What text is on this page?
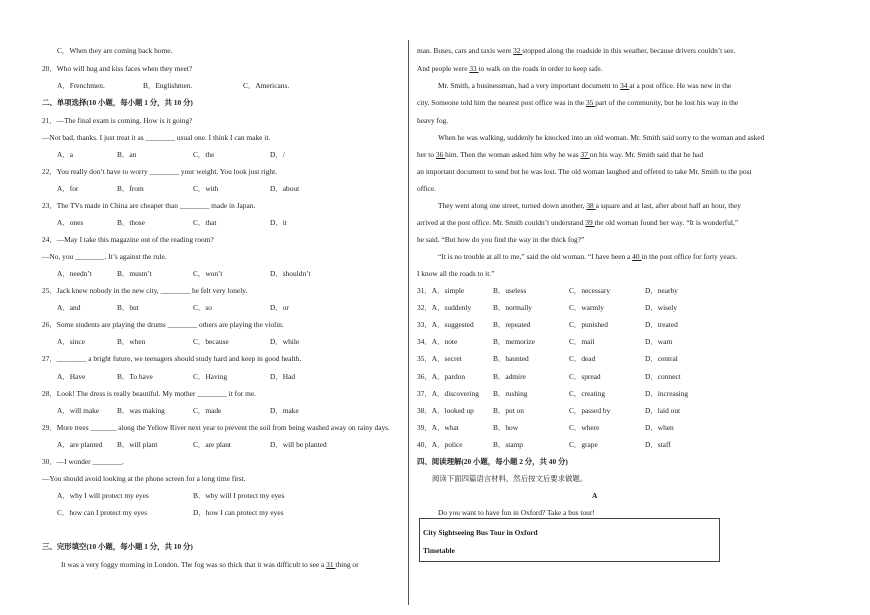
C．When they are coming back home.
20．Who will hug and kiss faces when they meet?
A．Frenchmen.	B．Englishmen.	C．Americans.
二、单项选择(10 小题，每小题 1 分，共 10 分)
21．—The final exam is coming. How is it going?
—Not bad, thanks. I just treat it as ________ usual one. I think I can make it.
A．a	B．an	C．the	D．/
22．You really don’t have to worry ________ your weight. You look just right.
A．for	B．from	C．with	D．about
23．The TVs made in China are cheaper than ________ made in Japan.
A．ones	B．those	C．that	D．it
24．—May I take this magazine out of the reading room?
—No, you ________. It’s against the rule.
A．needn’t	B．mustn’t	C．won’t	D．shouldn’t
25．Jack knew nobody in the new city, ________ he felt very lonely.
A．and	B．but	C．so	D．or
26．Some students are playing the drums ________ others are playing the violin.
A．since	B．when	C．because	D．while
27．________ a bright future, we teenagers should study hard and keep in good health.
A．Have	B．To have	C．Having	D．Had
28．Look! The dress is really beautiful. My mother ________ it for me.
A．will make B．was making	C．made	D．make
29．More trees _______ along the Yellow River next year to prevent the soil from being washed away on rainy days.
A．are planted B．will plant	C．are plant	D．will be planted
30．—I wonder ________.
—You should avoid looking at the phone screen for a long time first.
A．why I will protect my eyes	B．why will I protect my eyes
C．how can I protect my eyes	D．how I can protect my eyes
三、完形填空(10 小题，每小题 1 分，共 10 分)
It was a very foggy morning in London. The fog was so thick that it was difficult to see a 31 thing or
man. Buses, cars and taxis were 32 stopped along the roadside in this weather, because drivers couldn’t see.
And people were 33 to walk on the roads in order to keep safe.
Mr. Smith, a businessman, had a very important document to 34 at a post office. He was new in the
city. Someone told him the nearest post office was in the 35 part of the community, but he lost his way in the
heavy fog.
When he was walking, suddenly he knocked into an old woman. Mr. Smith said sorry to the woman and asked
her to 36 him. Then the woman asked him why he was 37 on his way. Mr. Smith said that he had
an important document to send but he was lost. The old woman laughed and offered to take Mr. Smith to the post
office.
They went along one street, turned down another, 38 a square and at last, after about half an hour, they
arrived at the post office. Mr. Smith couldn’t understand 39 the old woman found her way. “It is wonderful,”
he said. “But how do you find the way in the thick fog?”
“It is no trouble at all to me,” said the old woman. “I have been a 40 in the post office for forty years.
I know all the roads to it.”
31．A．simple	B．useless	C．necessary	D．nearby
32．A．suddenly	B．normally	C．warmly	D．wisely
33．A．suggested	B．repeated	C．punished	D．treated
34．A．note	B．memorize	C．mail	D．warn
35．A．secret	B．haunted	C．dead	D．central
36．A．pardon	B．admire	C．spread	D．connect
37．A．discovering B．rushing	C．creating	D．increasing
38．A．looked up	B．put on	C．passed by	D．laid out
39．A．what	B．how	C．where	D．when
40．A．police	B．stamp	C．grape	D．staff
四、阅读理解(20 小题，每小题 2 分，共 40 分)
阅读下面四篇语言材料，然后按文后要求做题。
A
Do you want to have fun in Oxford? Take a bus tour!
City Sightseeing Bus Tour in Oxford
Timetable
